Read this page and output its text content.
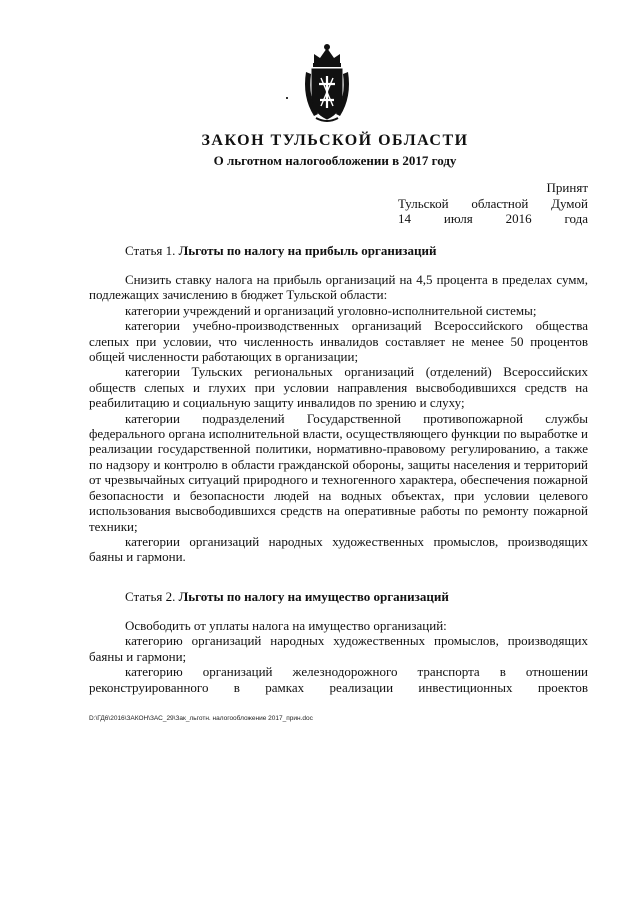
ЗАКОН ТУЛЬСКОЙ ОБЛАСТИ
О льготном налогообложении в 2017 году
Принят
Тульской областной Думой
14 июля 2016 года
Статья 1. Льготы по налогу на прибыль организаций

Снизить ставку налога на прибыль организаций на 4,5 процента в пределах сумм, подлежащих зачислению в бюджет Тульской области:

категории учреждений и организаций уголовно-исполнительной системы;

категории учебно-производственных организаций Всероссийского общества слепых при условии, что численность инвалидов составляет не менее 50 процентов общей численности работающих в организации;

категории Тульских региональных организаций (отделений) Всероссийских обществ слепых и глухих при условии направления высвободившихся средств на реабилитацию и социальную защиту инвалидов по зрению и слуху;

категории подразделений Государственной противопожарной службы федерального органа исполнительной власти, осуществляющего функции по выработке и реализации государственной политики, нормативно-правовому регулированию, а также по надзору и контролю в области гражданской обороны, защиты населения и территорий от чрезвычайных ситуаций природного и техногенного характера, обеспечения пожарной безопасности и безопасности людей на водных объектах, при условии целевого использования высвободившихся средств на оперативные работы по ремонту пожарной техники;

категории организаций народных художественных промыслов, производящих баяны и гармони.

Статья 2. Льготы по налогу на имущество организаций

Освободить от уплаты налога на имущество организаций:

категорию организаций народных художественных промыслов, производящих баяны и гармони;

категорию организаций железнодорожного транспорта в отношении реконструированного в рамках реализации инвестиционных проектов

D:\ГД6\2016\ЗАКОН\ЗАС_29\Зак_льготн. налогообложение 2017_прин.doc
